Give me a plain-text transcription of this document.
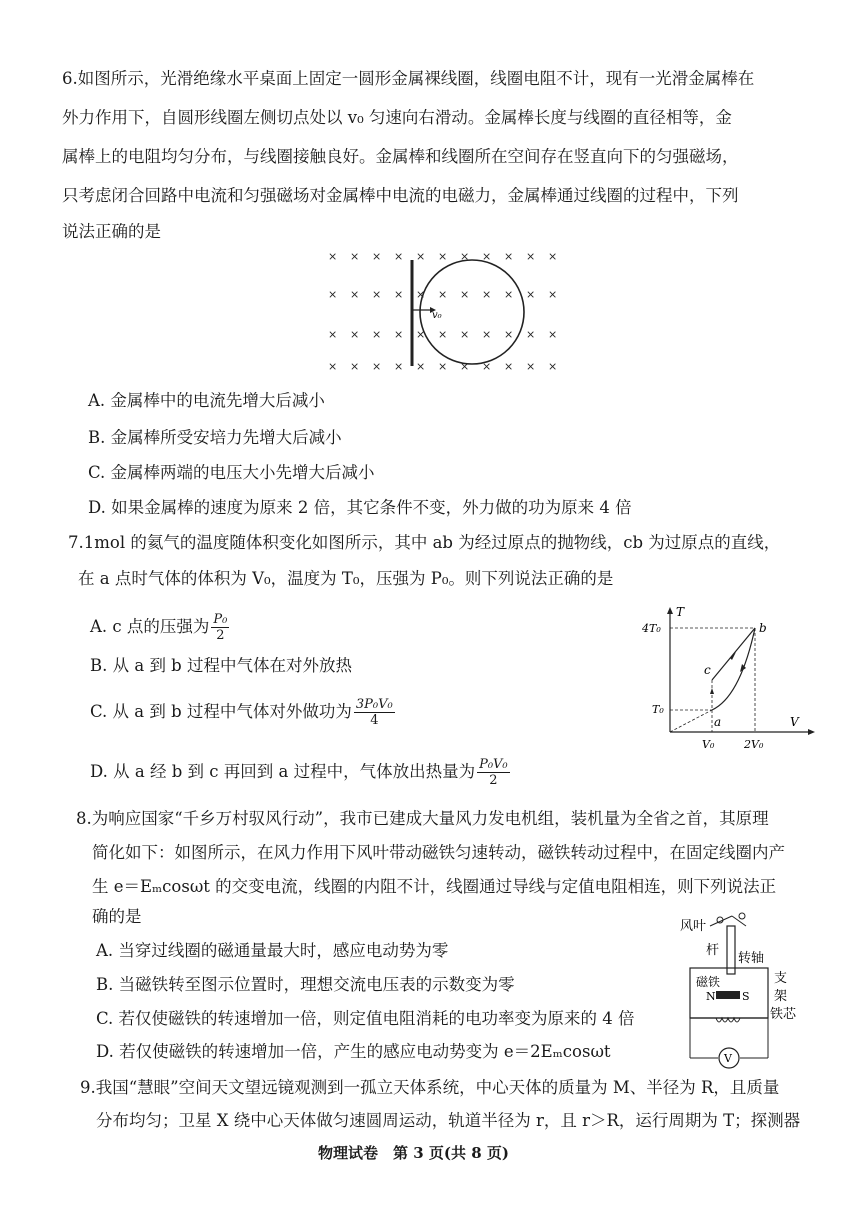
6.如图所示，光滑绝缘水平桌面上固定一圆形金属裸线圈，线圈电阻不计，现有一光滑金属棒在
外力作用下，自圆形线圈左侧切点处以 v₀ 匀速向右滑动。金属棒长度与线圈的直径相等，金
属棒上的电阻均匀分布，与线圈接触良好。金属棒和线圈所在空间存在竖直向下的匀强磁场，
只考虑闭合回路中电流和匀强磁场对金属棒中电流的电磁力，金属棒通过线圈的过程中，下列
说法正确的是
× × × × × × × × × × ×
× × × × × × × × × × ×
× × × × × × × × × × ×
× × × × × × × × × × ×
v₀
A. 金属棒中的电流先增大后减小
B. 金属棒所受安培力先增大后减小
C. 金属棒两端的电压大小先增大后减小
D. 如果金属棒的速度为原来 2 倍，其它条件不变，外力做的功为原来 4 倍
7.1mol 的氦气的温度随体积变化如图所示，其中 ab 为经过原点的抛物线，cb 为过原点的直线，
在 a 点时气体的体积为 V₀，温度为 T₀，压强为 P₀。则下列说法正确的是
A. c 点的压强为 $\frac{\text{P₀}}{2}$
B. 从 a 到 b 过程中气体在对外放热
C. 从 a 到 b 过程中气体对外做功为 $\frac{\text{3P₀V₀}}{4}$
D. 从 a 经 b 到 c 再回到 a 过程中，气体放出热量为 $\frac{\text{P₀V₀}}{2}$
T
V
4T₀
T₀
V₀	2V₀
a
b
c
8.为响应国家“千乡万村驭风行动”，我市已建成大量风力发电机组，装机量为全省之首，其原理
简化如下：如图所示，在风力作用下风叶带动磁铁匀速转动，磁铁转动过程中，在固定线圈内产
生 e＝Eₘcosωt 的交变电流，线圈的内阻不计，线圈通过导线与定值电阻相连，则下列说法正
确的是
A. 当穿过线圈的磁通量最大时，感应电动势为零
B. 当磁铁转至图示位置时，理想交流电压表的示数变为零
C. 若仅使磁铁的转速增加一倍，则定值电阻消耗的电功率变为原来的 4 倍
D. 若仅使磁铁的转速增加一倍，产生的感应电动势变为 e＝2Eₘcosωt
风叶
杆
转轴
磁铁
N S
支
架
铁芯
V
9.我国“慧眼”空间天文望远镜观测到一孤立天体系统，中心天体的质量为 M、半径为 R，且质量
分布均匀；卫星 X 绕中心天体做匀速圆周运动，轨道半径为 r，且 r＞R，运行周期为 T；探测器
物理试卷　第 3 页(共 8 页)
